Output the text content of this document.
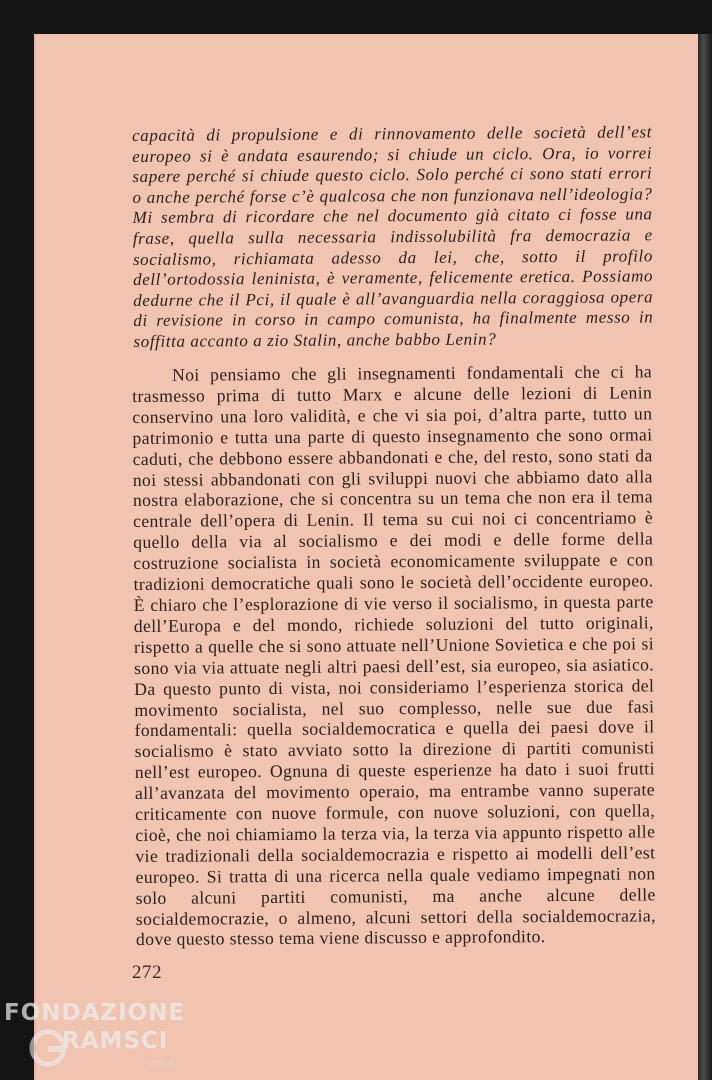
capacità di propulsione e di rinnovamento delle società dell’est europeo si è andata esaurendo; si chiude un ciclo. Ora, io vorrei sapere perché si chiude questo ciclo. Solo perché ci sono stati errori o anche perché forse c’è qualcosa che non funzionava nell’ideologia? Mi sembra di ricordare che nel documento già citato ci fosse una frase, quella sulla necessaria indissolubilità fra democrazia e socialismo, richiamata adesso da lei, che, sotto il profilo dell’ortodossia leninista, è veramente, felicemente eretica. Possiamo dedurne che il Pci, il quale è all’avanguardia nella coraggiosa opera di revisione in corso in campo comunista, ha finalmente messo in soffitta accanto a zio Stalin, anche babbo Lenin?

Noi pensiamo che gli insegnamenti fondamentali che ci ha trasmesso prima di tutto Marx e alcune delle lezioni di Lenin conservino una loro validità, e che vi sia poi, d’altra parte, tutto un patrimonio e tutta una parte di questo insegnamento che sono ormai caduti, che debbono essere abbandonati e che, del resto, sono stati da noi stessi abbandonati con gli sviluppi nuovi che abbiamo dato alla nostra elaborazione, che si concentra su un tema che non era il tema centrale dell’opera di Lenin. Il tema su cui noi ci concentriamo è quello della via al socialismo e dei modi e delle forme della costruzione socialista in società economicamente sviluppate e con tradizioni democratiche quali sono le società dell’occidente europeo. È chiaro che l’esplorazione di vie verso il socialismo, in questa parte dell’Europa e del mondo, richiede soluzioni del tutto originali, rispetto a quelle che si sono attuate nell’Unione Sovietica e che poi si sono via via attuate negli altri paesi dell’est, sia europeo, sia asiatico. Da questo punto di vista, noi consideriamo l’esperienza storica del movimento socialista, nel suo complesso, nelle sue due fasi fondamentali: quella socialdemocratica e quella dei paesi dove il socialismo è stato avviato sotto la direzione di partiti comunisti nell’est europeo. Ognuna di queste esperienze ha dato i suoi frutti all’avanzata del movimento operaio, ma entrambe vanno superate criticamente con nuove formule, con nuove soluzioni, con quella, cioè, che noi chiamiamo la terza via, la terza via appunto rispetto alle vie tradizionali della socialdemocrazia e rispetto ai modelli dell’est europeo. Si tratta di una ricerca nella quale vediamo impegnati non solo alcuni partiti comunisti, ma anche alcune delle socialdemocrazie, o almeno, alcuni settori della socialdemocrazia, dove questo stesso tema viene discusso e approfondito.

272
FONDAZIONE
RAMSCI
onlus
